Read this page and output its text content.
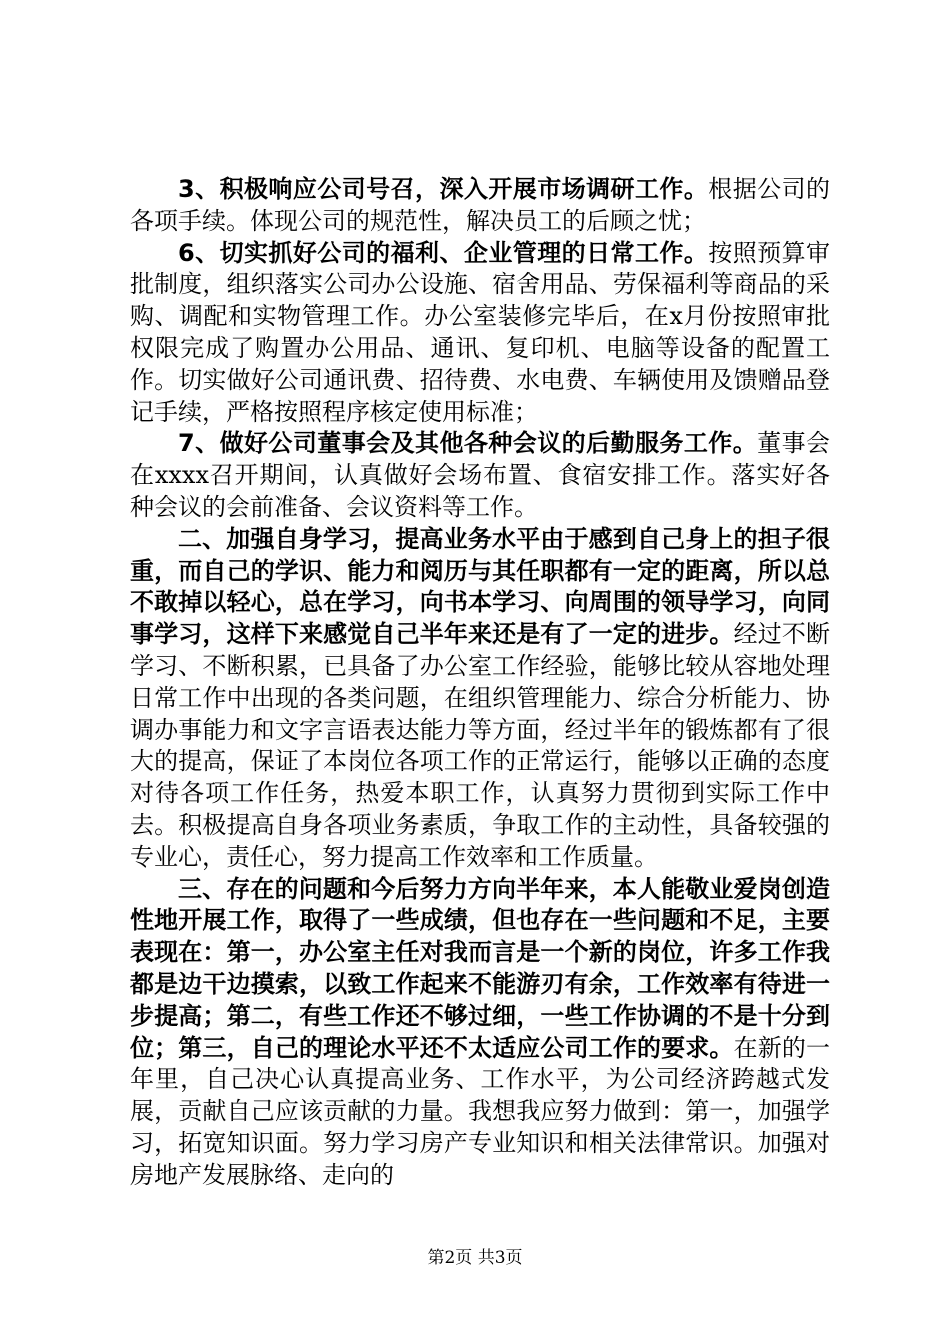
3、积极响应公司号召，深入开展市场调研工作。根据公司的各项手续。体现公司的规范性，解决员工的后顾之忧；

6、切实抓好公司的福利、企业管理的日常工作。按照预算审批制度，组织落实公司办公设施、宿舍用品、劳保福利等商品的采购、调配和实物管理工作。办公室装修完毕后，在x月份按照审批权限完成了购置办公用品、通讯、复印机、电脑等设备的配置工作。切实做好公司通讯费、招待费、水电费、车辆使用及馈赠品登记手续，严格按照程序核定使用标准；

7、做好公司董事会及其他各种会议的后勤服务工作。董事会在xxxx召开期间，认真做好会场布置、食宿安排工作。落实好各种会议的会前准备、会议资料等工作。

二、加强自身学习，提高业务水平由于感到自己身上的担子很重，而自己的学识、能力和阅历与其任职都有一定的距离，所以总不敢掉以轻心，总在学习，向书本学习、向周围的领导学习，向同事学习，这样下来感觉自己半年来还是有了一定的进步。经过不断学习、不断积累，已具备了办公室工作经验，能够比较从容地处理日常工作中出现的各类问题，在组织管理能力、综合分析能力、协调办事能力和文字言语表达能力等方面，经过半年的锻炼都有了很大的提高，保证了本岗位各项工作的正常运行，能够以正确的态度对待各项工作任务，热爱本职工作，认真努力贯彻到实际工作中去。积极提高自身各项业务素质，争取工作的主动性，具备较强的专业心，责任心，努力提高工作效率和工作质量。

三、存在的问题和今后努力方向半年来，本人能敬业爱岗创造性地开展工作，取得了一些成绩，但也存在一些问题和不足，主要表现在：第一，办公室主任对我而言是一个新的岗位，许多工作我都是边干边摸索，以致工作起来不能游刃有余，工作效率有待进一步提高；第二，有些工作还不够过细，一些工作协调的不是十分到位；第三，自己的理论水平还不太适应公司工作的要求。在新的一年里，自己决心认真提高业务、工作水平，为公司经济跨越式发展，贡献自己应该贡献的力量。我想我应努力做到：第一，加强学习，拓宽知识面。努力学习房产专业知识和相关法律常识。加强对房地产发展脉络、走向的

第2页 共3页
